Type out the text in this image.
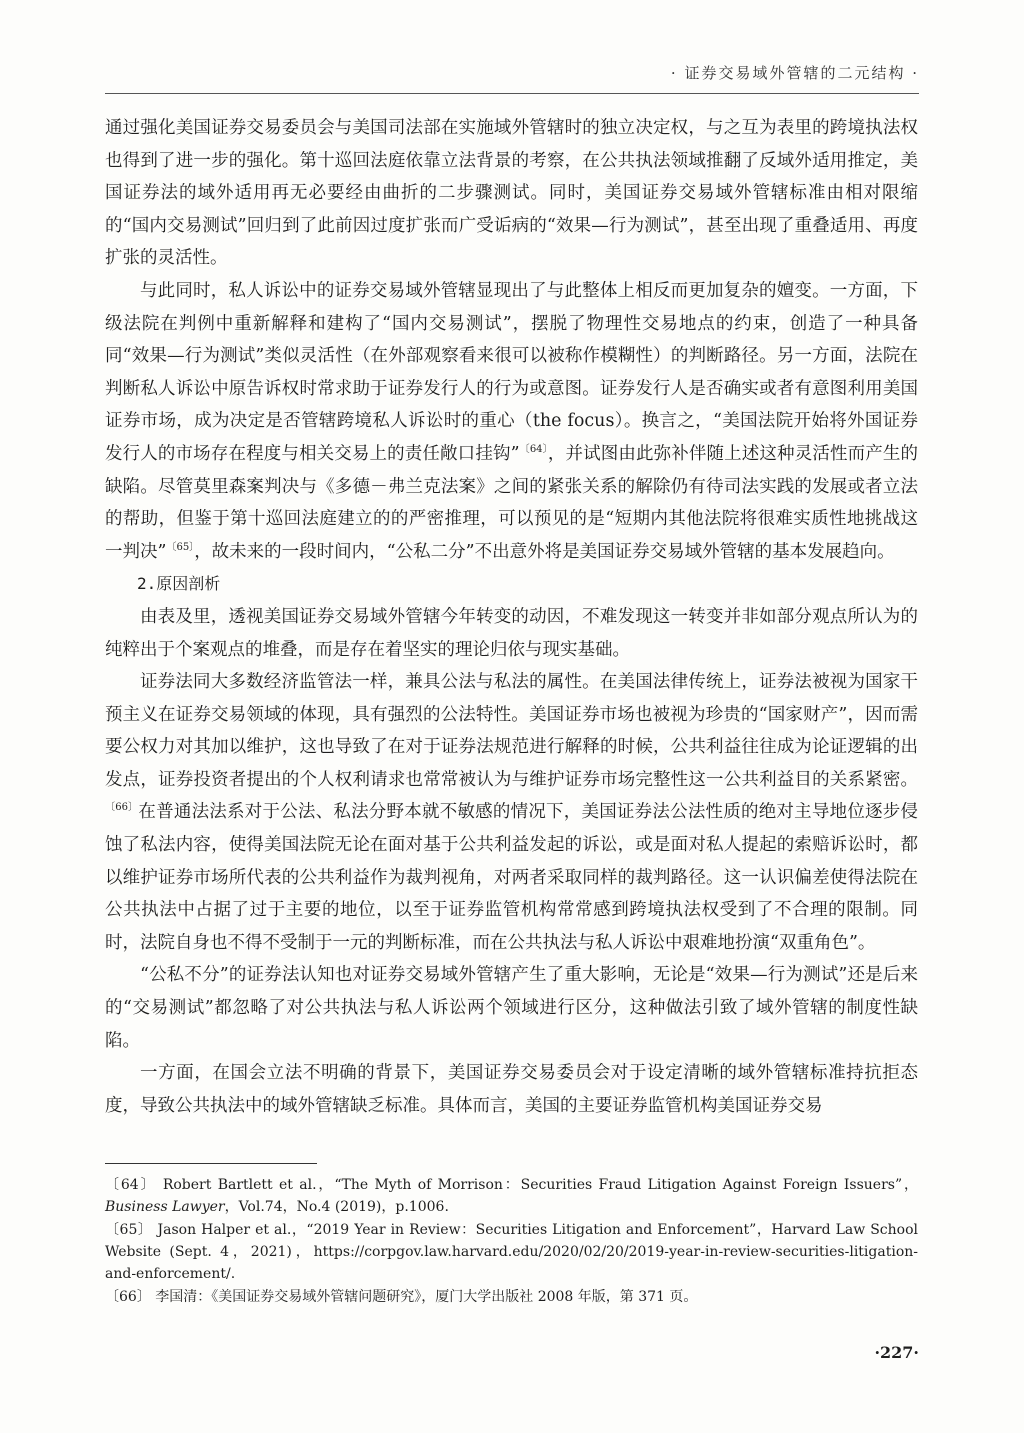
· 证券交易域外管辖的二元结构 ·

通过强化美国证券交易委员会与美国司法部在实施域外管辖时的独立决定权，与之互为表里的跨境执法权也得到了进一步的强化。第十巡回法庭依靠立法背景的考察，在公共执法领域推翻了反域外适用推定，美国证券法的域外适用再无必要经由曲折的二步骤测试。同时，美国证券交易域外管辖标准由相对限缩的“国内交易测试”回归到了此前因过度扩张而广受诟病的“效果—行为测试”，甚至出现了重叠适用、再度扩张的灵活性。

与此同时，私人诉讼中的证券交易域外管辖显现出了与此整体上相反而更加复杂的嬗变。一方面，下级法院在判例中重新解释和建构了“国内交易测试”，摆脱了物理性交易地点的约束，创造了一种具备同“效果—行为测试”类似灵活性（在外部观察看来很可以被称作模糊性）的判断路径。另一方面，法院在判断私人诉讼中原告诉权时常求助于证券发行人的行为或意图。证券发行人是否确实或者有意图利用美国证券市场，成为决定是否管辖跨境私人诉讼时的重心（the focus）。换言之，“美国法院开始将外国证券发行人的市场存在程度与相关交易上的责任敞口挂钩”$^{〔64〕}$，并试图由此弥补伴随上述这种灵活性而产生的缺陷。尽管莫里森案判决与《多德－弗兰克法案》之间的紧张关系的解除仍有待司法实践的发展或者立法的帮助，但鉴于第十巡回法庭建立的的严密推理，可以预见的是“短期内其他法院将很难实质性地挑战这一判决”$^{〔65〕}$，故未来的一段时间内，“公私二分”不出意外将是美国证券交易域外管辖的基本发展趋向。

2.原因剖析

由表及里，透视美国证券交易域外管辖今年转变的动因，不难发现这一转变并非如部分观点所认为的纯粹出于个案观点的堆叠，而是存在着坚实的理论归依与现实基础。

证券法同大多数经济监管法一样，兼具公法与私法的属性。在美国法律传统上，证券法被视为国家干预主义在证券交易领域的体现，具有强烈的公法特性。美国证券市场也被视为珍贵的“国家财产”，因而需要公权力对其加以维护，这也导致了在对于证券法规范进行解释的时候，公共利益往往成为论证逻辑的出发点，证券投资者提出的个人权利请求也常常被认为与维护证券市场完整性这一公共利益目的关系紧密。$^{〔66〕}$在普通法法系对于公法、私法分野本就不敏感的情况下，美国证券法公法性质的绝对主导地位逐步侵蚀了私法内容，使得美国法院无论在面对基于公共利益发起的诉讼，或是面对私人提起的索赔诉讼时，都以维护证券市场所代表的公共利益作为裁判视角，对两者采取同样的裁判路径。这一认识偏差使得法院在公共执法中占据了过于主要的地位，以至于证券监管机构常常感到跨境执法权受到了不合理的限制。同时，法院自身也不得不受制于一元的判断标准，而在公共执法与私人诉讼中艰难地扮演“双重角色”。

“公私不分”的证券法认知也对证券交易域外管辖产生了重大影响，无论是“效果—行为测试”还是后来的“交易测试”都忽略了对公共执法与私人诉讼两个领域进行区分，这种做法引致了域外管辖的制度性缺陷。

一方面，在国会立法不明确的背景下，美国证券交易委员会对于设定清晰的域外管辖标准持抗拒态度，导致公共执法中的域外管辖缺乏标准。具体而言，美国的主要证券监管机构美国证券交易

〔64〕 Robert Bartlett et al.，“The Myth of Morrison：Securities Fraud Litigation Against Foreign Issuers”，Business Lawyer，Vol.74，No.4 (2019)，p.1006.

〔65〕 Jason Halper et al.，“2019 Year in Review：Securities Litigation and Enforcement”，Harvard Law School Website (Sept. 4，2021)，https://corpgov.law.harvard.edu/2020/02/20/2019-year-in-review-securities-litigation-and-enforcement/.

〔66〕 李国清：《美国证券交易域外管辖问题研究》，厦门大学出版社 2008 年版，第 371 页。

·227·
